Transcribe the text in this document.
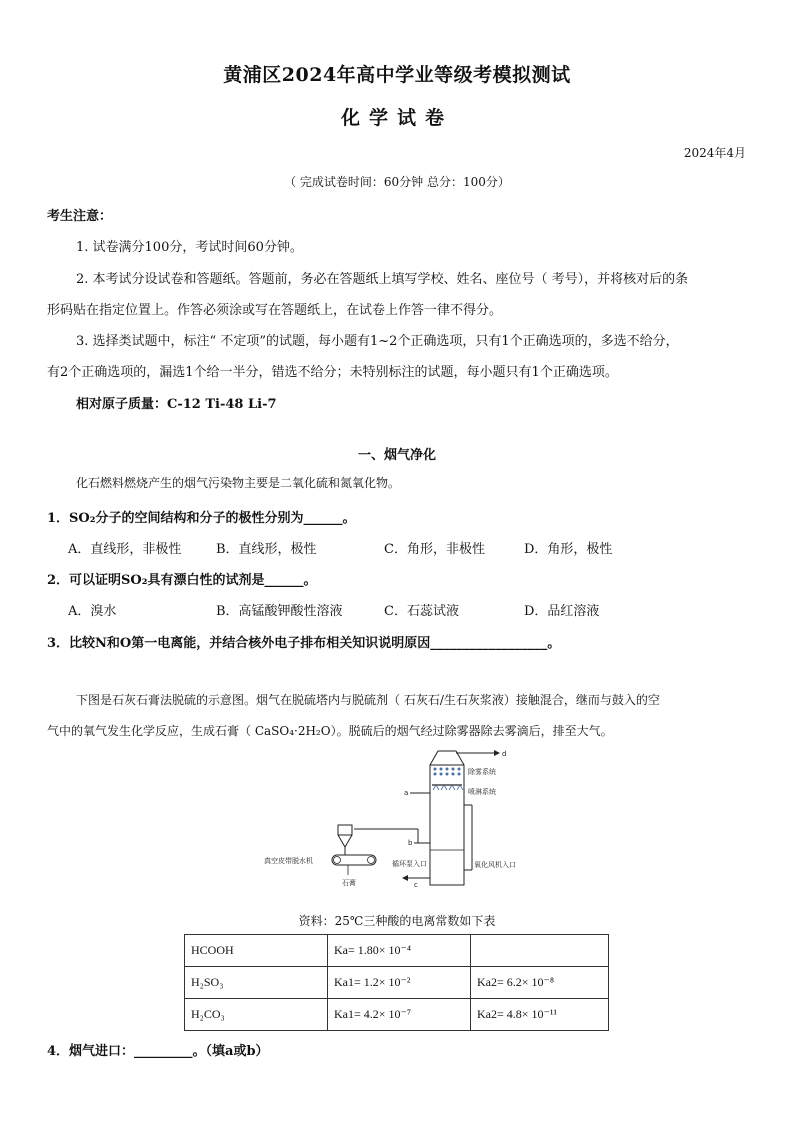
黄浦区2024年高中学业等级考模拟测试
化学试卷
2024年4月
（ 完成试卷时间：60分钟 总分：100分）
考生注意：
1. 试卷满分100分，考试时间60分钟。
2. 本考试分设试卷和答题纸。答题前，务必在答题纸上填写学校、姓名、座位号（ 考号），并将核对后的条
形码贴在指定位置上。作答必须涂或写在答题纸上，在试卷上作答一律不得分。
3. 选择类试题中，标注“ 不定项”的试题，每小题有1~2个正确选项，只有1个正确选项的，多选不给分，
有2个正确选项的，漏选1个给一半分，错选不给分；未特别标注的试题，每小题只有1个正确选项。
相对原子质量：C-12 Ti-48 Li-7
一、烟气净化
化石燃料燃烧产生的烟气污染物主要是二氧化硫和氮氧化物。
1．SO₂分子的空间结构和分子的极性分别为______。
A．直线形，非极性	B．直线形，极性	C．角形，非极性	D．角形，极性
2．可以证明SO₂具有漂白性的试剂是______。
A．溴水	B．高锰酸钾酸性溶液	C．石蕊试液	D．品红溶液
3．比较N和O第一电离能，并结合核外电子排布相关知识说明原因__________________。
下图是石灰石膏法脱硫的示意图。烟气在脱硫塔内与脱硫剂（ 石灰石/生石灰浆液）接触混合，继而与鼓入的空
气中的氧气发生化学反应，生成石膏（ CaSO₄·2H₂O）。脱硫后的烟气经过除雾器除去雾滴后，排至大气。
d
除雾系统
喷淋系统
a
b
氧化风机入口
循环泵入口
c
真空皮带脱水机
石膏
资料：25℃三种酸的电离常数如下表
HCOOH	Ka= 1.80× 10⁻⁴	
H₂SO₃	Ka1= 1.2× 10⁻²	Ka2= 6.2× 10⁻⁸
H₂CO₃	Ka1= 4.2× 10⁻⁷	Ka2= 4.8× 10⁻¹¹
4．烟气进口：_________。（填a或b）
